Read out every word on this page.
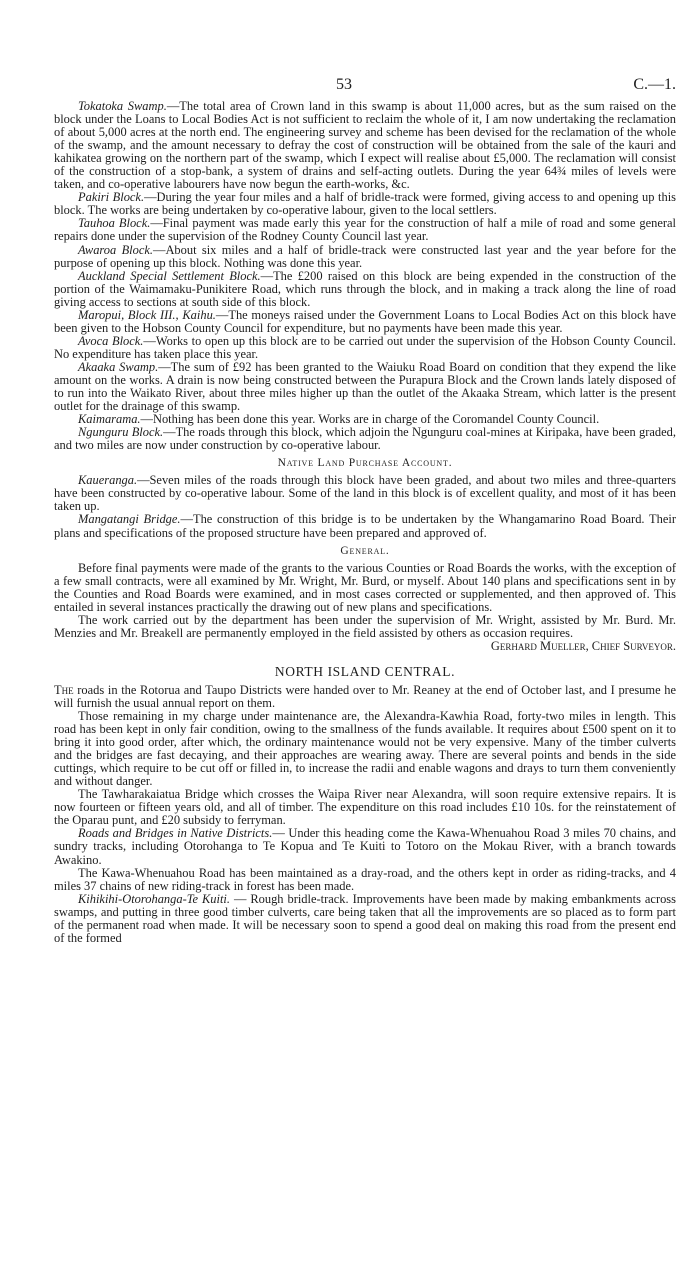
53	C.—1.

Tokatoka Swamp.—The total area of Crown land in this swamp is about 11,000 acres, but as the sum raised on the block under the Loans to Local Bodies Act is not sufficient to reclaim the whole of it, I am now undertaking the reclamation of about 5,000 acres at the north end. The engineering survey and scheme has been devised for the reclamation of the whole of the swamp, and the amount necessary to defray the cost of construction will be obtained from the sale of the kauri and kahikatea growing on the northern part of the swamp, which I expect will realise about £5,000. The reclamation will consist of the construction of a stop-bank, a system of drains and self-acting outlets. During the year 64¾ miles of levels were taken, and co-operative labourers have now begun the earth-works, &c.

Pakiri Block.—During the year four miles and a half of bridle-track were formed, giving access to and opening up this block. The works are being undertaken by co-operative labour, given to the local settlers.

Tauhoa Block.—Final payment was made early this year for the construction of half a mile of road and some general repairs done under the supervision of the Rodney County Council last year.

Awaroa Block.—About six miles and a half of bridle-track were constructed last year and the year before for the purpose of opening up this block. Nothing was done this year.

Auckland Special Settlement Block.—The £200 raised on this block are being expended in the construction of the portion of the Waimamaku-Punikitere Road, which runs through the block, and in making a track along the line of road giving access to sections at south side of this block.

Maropui, Block III., Kaihu.—The moneys raised under the Government Loans to Local Bodies Act on this block have been given to the Hobson County Council for expenditure, but no payments have been made this year.

Avoca Block.—Works to open up this block are to be carried out under the supervision of the Hobson County Council. No expenditure has taken place this year.

Akaaka Swamp.—The sum of £92 has been granted to the Waiuku Road Board on condition that they expend the like amount on the works. A drain is now being constructed between the Purapura Block and the Crown lands lately disposed of to run into the Waikato River, about three miles higher up than the outlet of the Akaaka Stream, which latter is the present outlet for the drainage of this swamp.

Kaimarama.—Nothing has been done this year. Works are in charge of the Coromandel County Council.

Ngunguru Block.—The roads through this block, which adjoin the Ngunguru coal-mines at Kiripaka, have been graded, and two miles are now under construction by co-operative labour.

Native Land Purchase Account.

Kaueranga.—Seven miles of the roads through this block have been graded, and about two miles and three-quarters have been constructed by co-operative labour. Some of the land in this block is of excellent quality, and most of it has been taken up.

Mangatangi Bridge.—The construction of this bridge is to be undertaken by the Whangamarino Road Board. Their plans and specifications of the proposed structure have been prepared and approved of.

General.

Before final payments were made of the grants to the various Counties or Road Boards the works, with the exception of a few small contracts, were all examined by Mr. Wright, Mr. Burd, or myself. About 140 plans and specifications sent in by the Counties and Road Boards were examined, and in most cases corrected or supplemented, and then approved of. This entailed in several instances practically the drawing out of new plans and specifications.

The work carried out by the department has been under the supervision of Mr. Wright, assisted by Mr. Burd. Mr. Menzies and Mr. Breakell are permanently employed in the field assisted by others as occasion requires.
Gerhard Mueller, Chief Surveyor.

NORTH ISLAND CENTRAL.

The roads in the Rotorua and Taupo Districts were handed over to Mr. Reaney at the end of October last, and I presume he will furnish the usual annual report on them.

Those remaining in my charge under maintenance are, the Alexandra-Kawhia Road, forty-two miles in length. This road has been kept in only fair condition, owing to the smallness of the funds available. It requires about £500 spent on it to bring it into good order, after which, the ordinary maintenance would not be very expensive. Many of the timber culverts and the bridges are fast decaying, and their approaches are wearing away. There are several points and bends in the side cuttings, which require to be cut off or filled in, to increase the radii and enable wagons and drays to turn them conveniently and without danger.

The Tawharakaiatua Bridge which crosses the Waipa River near Alexandra, will soon require extensive repairs. It is now fourteen or fifteen years old, and all of timber. The expenditure on this road includes £10 10s. for the reinstatement of the Oparau punt, and £20 subsidy to ferryman.

Roads and Bridges in Native Districts.— Under this heading come the Kawa-Whenuahou Road 3 miles 70 chains, and sundry tracks, including Otorohanga to Te Kopua and Te Kuiti to Totoro on the Mokau River, with a branch towards Awakino.

The Kawa-Whenuahou Road has been maintained as a dray-road, and the others kept in order as riding-tracks, and 4 miles 37 chains of new riding-track in forest has been made.

Kihikihi-Otorohanga-Te Kuiti. — Rough bridle-track. Improvements have been made by making embankments across swamps, and putting in three good timber culverts, care being taken that all the improvements are so placed as to form part of the permanent road when made. It will be necessary soon to spend a good deal on making this road from the present end of the formed
